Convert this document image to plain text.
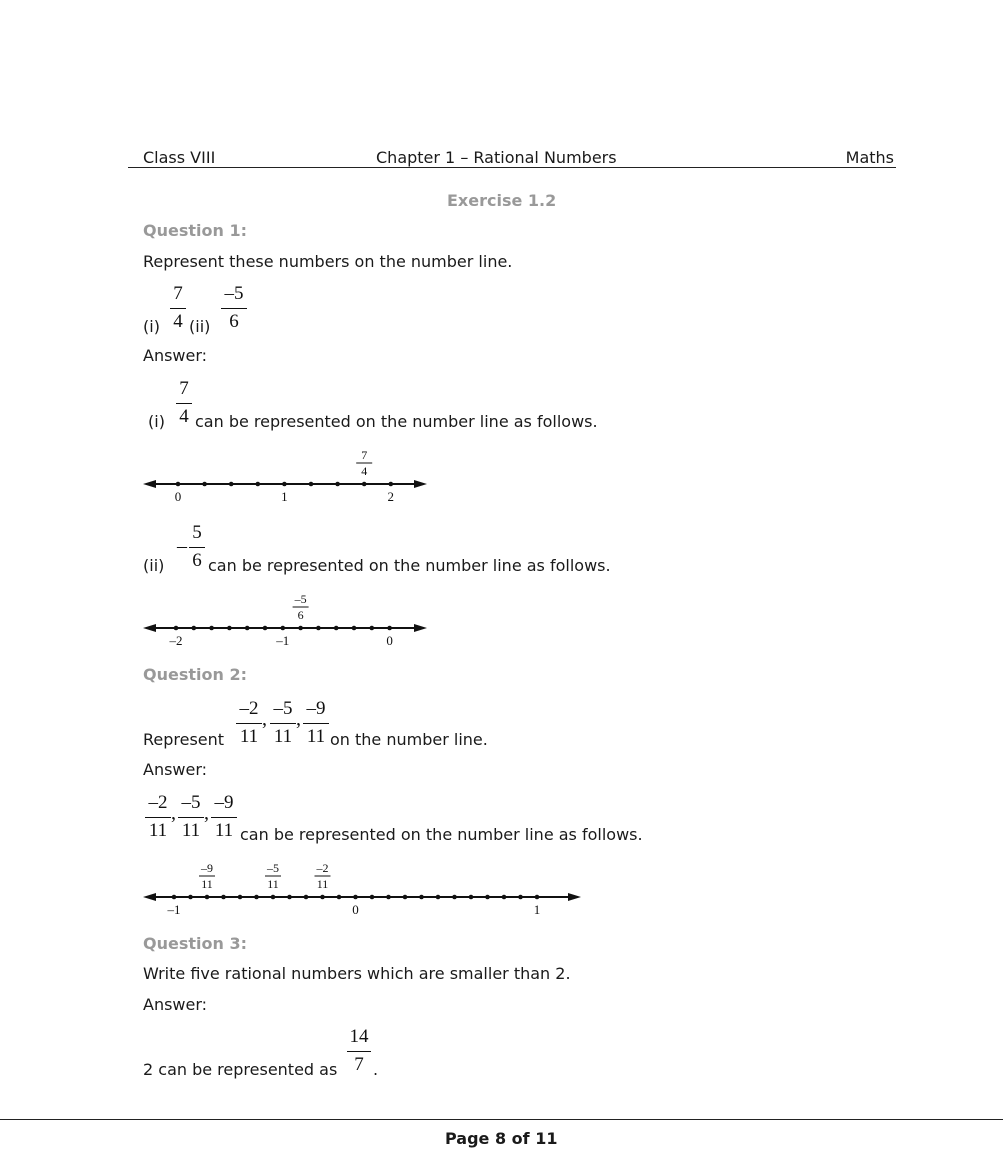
Class VIII	Chapter 1 – Rational Numbers	Maths
Exercise 1.2
Question 1:
Represent these numbers on the number line.
(i)
7
4 (ii)
–5
6
Answer:
(i)
7
4 can be represented on the number line as follows.
0	1	2
7
4
(ii)
–
5
6 can be represented on the number line as follows.
–2	–1	0
–5
6
Question 2:
Represent
–2
11
, –5
11
, –9
11 on the number line.
Answer:
–2
11
, –5
11
, –9
11 can be represented on the number line as follows.
–1	0	1
–9
11
–5
11
–2
11
Question 3:
Write five rational numbers which are smaller than 2.
Answer:
2 can be represented as
14
7 .
Page 8 of 11
